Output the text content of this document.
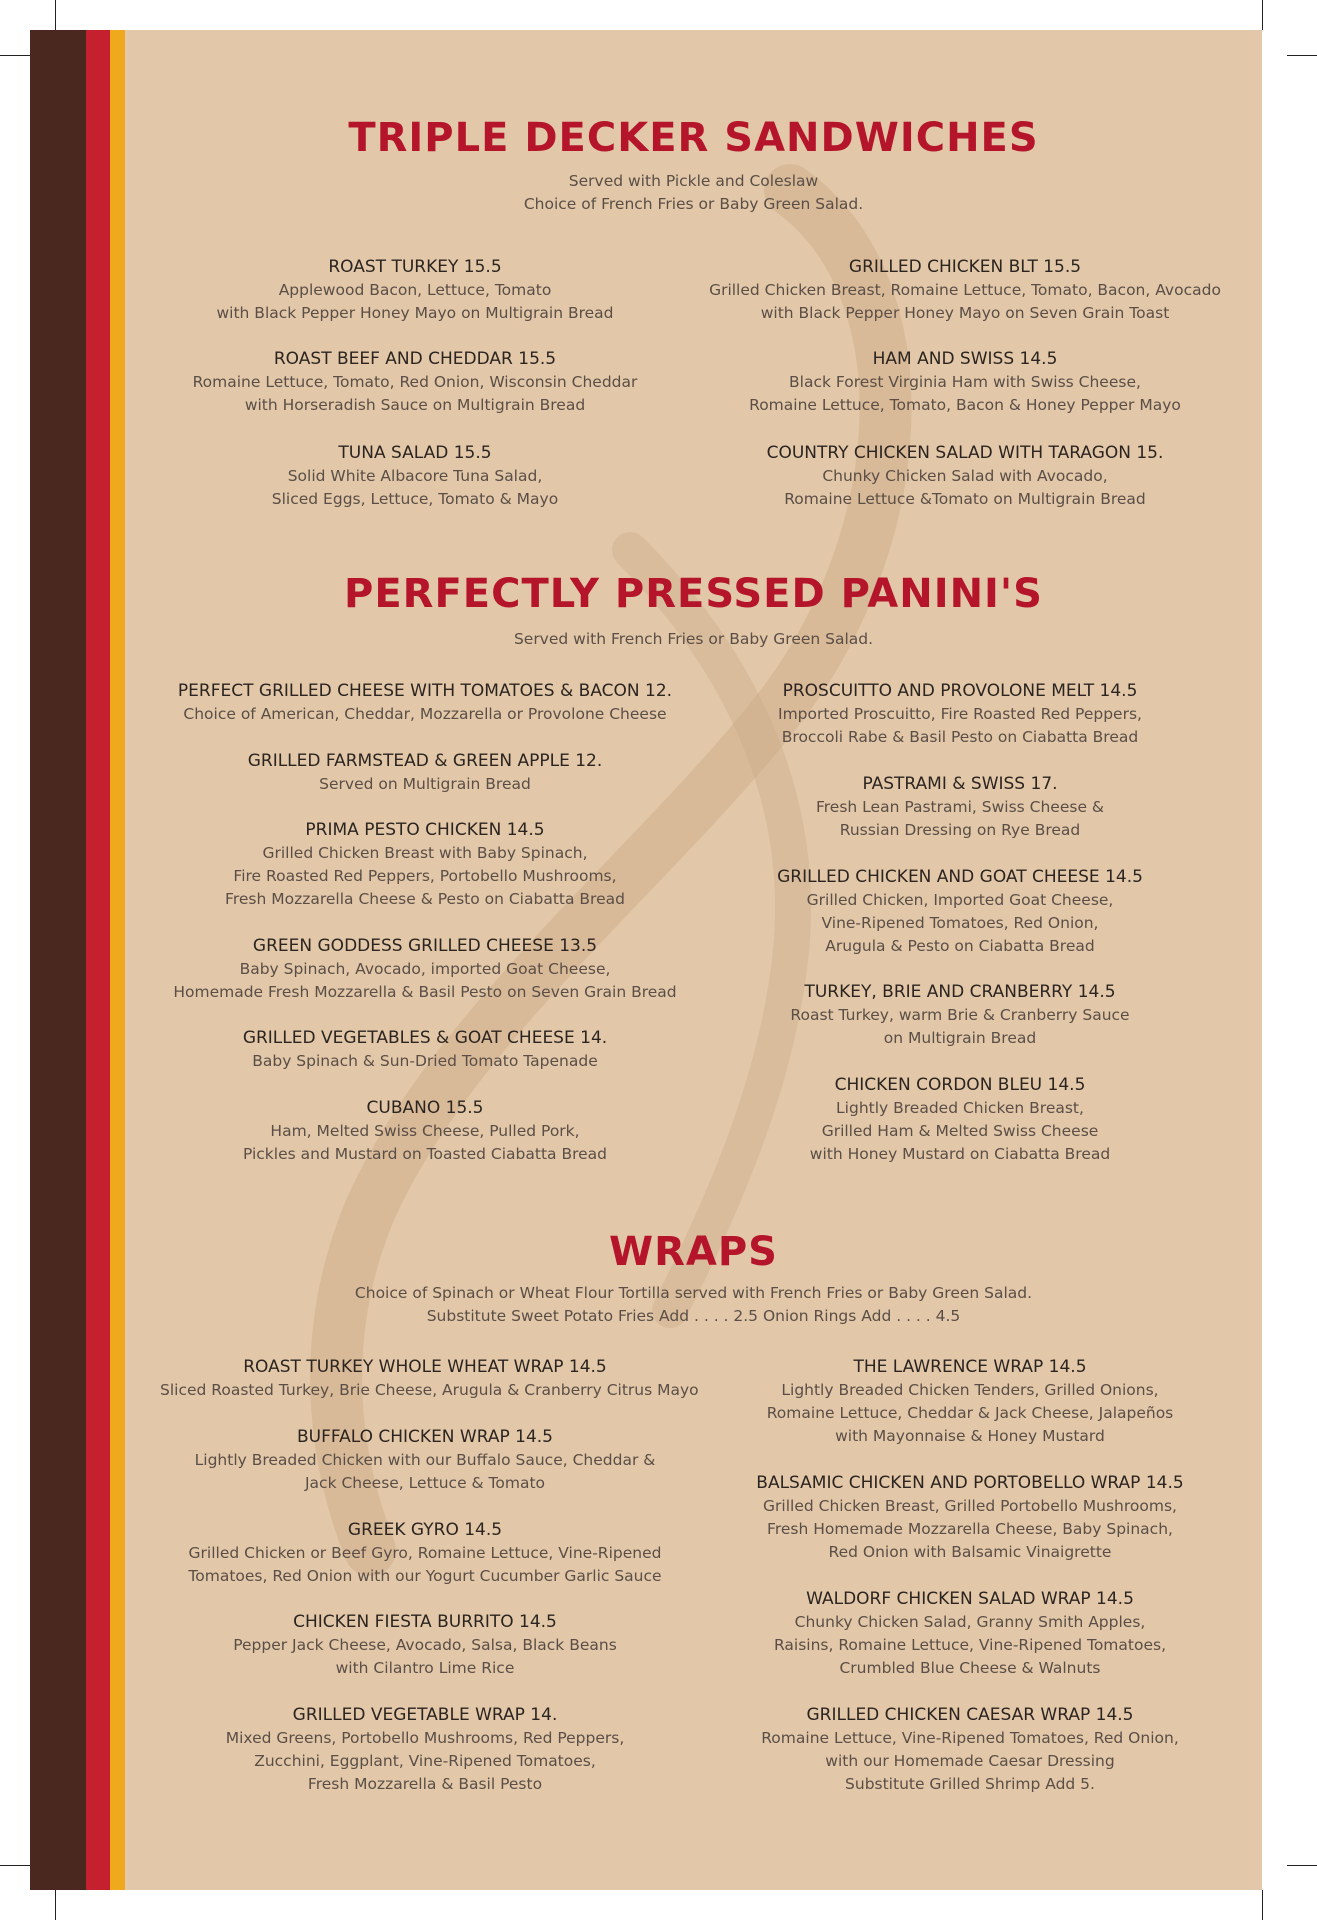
TRIPLE DECKER SANDWICHES
Served with Pickle and Coleslaw
Choice of French Fries or Baby Green Salad.
ROAST TURKEY 15.5
Applewood Bacon, Lettuce, Tomato
with Black Pepper Honey Mayo on Multigrain Bread
ROAST BEEF AND CHEDDAR 15.5
Romaine Lettuce, Tomato, Red Onion, Wisconsin Cheddar
with Horseradish Sauce on Multigrain Bread
TUNA SALAD 15.5
Solid White Albacore Tuna Salad,
Sliced Eggs, Lettuce, Tomato & Mayo
GRILLED CHICKEN BLT 15.5
Grilled Chicken Breast, Romaine Lettuce, Tomato, Bacon, Avocado
with Black Pepper Honey Mayo on Seven Grain Toast
HAM AND SWISS 14.5
Black Forest Virginia Ham with Swiss Cheese,
Romaine Lettuce, Tomato, Bacon & Honey Pepper Mayo
COUNTRY CHICKEN SALAD WITH TARAGON 15.
Chunky Chicken Salad with Avocado,
Romaine Lettuce &Tomato on Multigrain Bread
PERFECTLY PRESSED PANINI'S
Served with French Fries or Baby Green Salad.
PERFECT GRILLED CHEESE WITH TOMATOES & BACON 12.
Choice of American, Cheddar, Mozzarella or Provolone Cheese
GRILLED FARMSTEAD & GREEN APPLE 12.
Served on Multigrain Bread
PRIMA PESTO CHICKEN 14.5
Grilled Chicken Breast with Baby Spinach,
Fire Roasted Red Peppers, Portobello Mushrooms,
Fresh Mozzarella Cheese & Pesto on Ciabatta Bread
GREEN GODDESS GRILLED CHEESE 13.5
Baby Spinach, Avocado, imported Goat Cheese,
Homemade Fresh Mozzarella & Basil Pesto on Seven Grain Bread
GRILLED VEGETABLES & GOAT CHEESE 14.
Baby Spinach & Sun-Dried Tomato Tapenade
CUBANO 15.5
Ham, Melted Swiss Cheese, Pulled Pork,
Pickles and Mustard on Toasted Ciabatta Bread
PROSCUITTO AND PROVOLONE MELT 14.5
Imported Proscuitto, Fire Roasted Red Peppers,
Broccoli Rabe & Basil Pesto on Ciabatta Bread
PASTRAMI & SWISS 17.
Fresh Lean Pastrami, Swiss Cheese &
Russian Dressing on Rye Bread
GRILLED CHICKEN AND GOAT CHEESE 14.5
Grilled Chicken, Imported Goat Cheese,
Vine-Ripened Tomatoes, Red Onion,
Arugula & Pesto on Ciabatta Bread
TURKEY, BRIE AND CRANBERRY 14.5
Roast Turkey, warm Brie & Cranberry Sauce
on Multigrain Bread
CHICKEN CORDON BLEU 14.5
Lightly Breaded Chicken Breast,
Grilled Ham & Melted Swiss Cheese
with Honey Mustard on Ciabatta Bread
WRAPS
Choice of Spinach or Wheat Flour Tortilla served with French Fries or Baby Green Salad.
Substitute Sweet Potato Fries Add . . . . 2.5 Onion Rings Add . . . . 4.5
ROAST TURKEY WHOLE WHEAT WRAP 14.5
Sliced Roasted Turkey, Brie Cheese, Arugula & Cranberry Citrus Mayo
BUFFALO CHICKEN WRAP 14.5
Lightly Breaded Chicken with our Buffalo Sauce, Cheddar &
Jack Cheese, Lettuce & Tomato
GREEK GYRO 14.5
Grilled Chicken or Beef Gyro, Romaine Lettuce, Vine-Ripened
Tomatoes, Red Onion with our Yogurt Cucumber Garlic Sauce
CHICKEN FIESTA BURRITO 14.5
Pepper Jack Cheese, Avocado, Salsa, Black Beans
with Cilantro Lime Rice
GRILLED VEGETABLE WRAP 14.
Mixed Greens, Portobello Mushrooms, Red Peppers,
Zucchini, Eggplant, Vine-Ripened Tomatoes,
Fresh Mozzarella & Basil Pesto
THE LAWRENCE WRAP 14.5
Lightly Breaded Chicken Tenders, Grilled Onions,
Romaine Lettuce, Cheddar & Jack Cheese, Jalapeños
with Mayonnaise & Honey Mustard
BALSAMIC CHICKEN AND PORTOBELLO WRAP 14.5
Grilled Chicken Breast, Grilled Portobello Mushrooms,
Fresh Homemade Mozzarella Cheese, Baby Spinach,
Red Onion with Balsamic Vinaigrette
WALDORF CHICKEN SALAD WRAP 14.5
Chunky Chicken Salad, Granny Smith Apples,
Raisins, Romaine Lettuce, Vine-Ripened Tomatoes,
Crumbled Blue Cheese & Walnuts
GRILLED CHICKEN CAESAR WRAP 14.5
Romaine Lettuce, Vine-Ripened Tomatoes, Red Onion,
with our Homemade Caesar Dressing
Substitute Grilled Shrimp Add 5.
